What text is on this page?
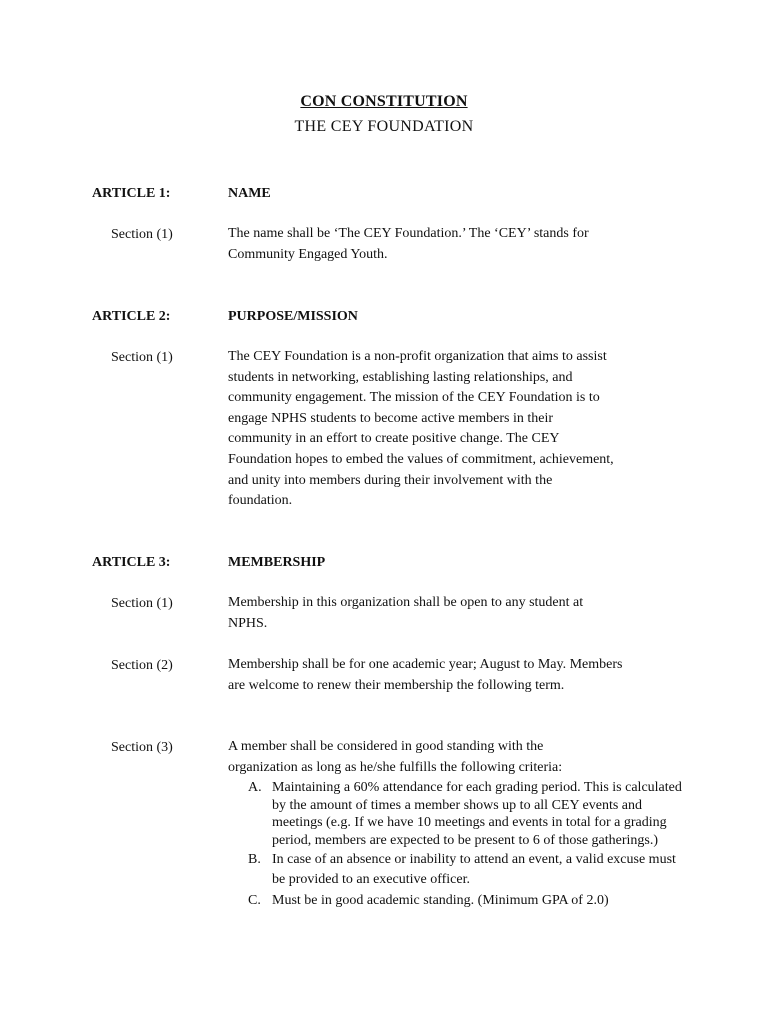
CON CONSTITUTION
THE CEY FOUNDATION
ARTICLE 1:	NAME
Section (1)	The name shall be ‘The CEY Foundation.’ The ‘CEY’ stands for Community Engaged Youth.
ARTICLE 2:	PURPOSE/MISSION
Section (1)	The CEY Foundation is a non-profit organization that aims to assist students in networking, establishing lasting relationships, and community engagement. The mission of the CEY Foundation is to engage NPHS students to become active members in their community in an effort to create positive change. The CEY Foundation hopes to embed the values of commitment, achievement, and unity into members during their involvement with the foundation.
ARTICLE 3:	MEMBERSHIP
Section (1)	Membership in this organization shall be open to any student at NPHS.
Section (2)	Membership shall be for one academic year; August to May. Members are welcome to renew their membership the following term.
Section (3)	A member shall be considered in good standing with the organization as long as he/she fulfills the following criteria:
A. Maintaining a 60% attendance for each grading period. This is calculated by the amount of times a member shows up to all CEY events and meetings (e.g. If we have 10 meetings and events in total for a grading period, members are expected to be present to 6 of those gatherings.)
B. In case of an absence or inability to attend an event, a valid excuse must be provided to an executive officer.
C. Must be in good academic standing. (Minimum GPA of 2.0)
